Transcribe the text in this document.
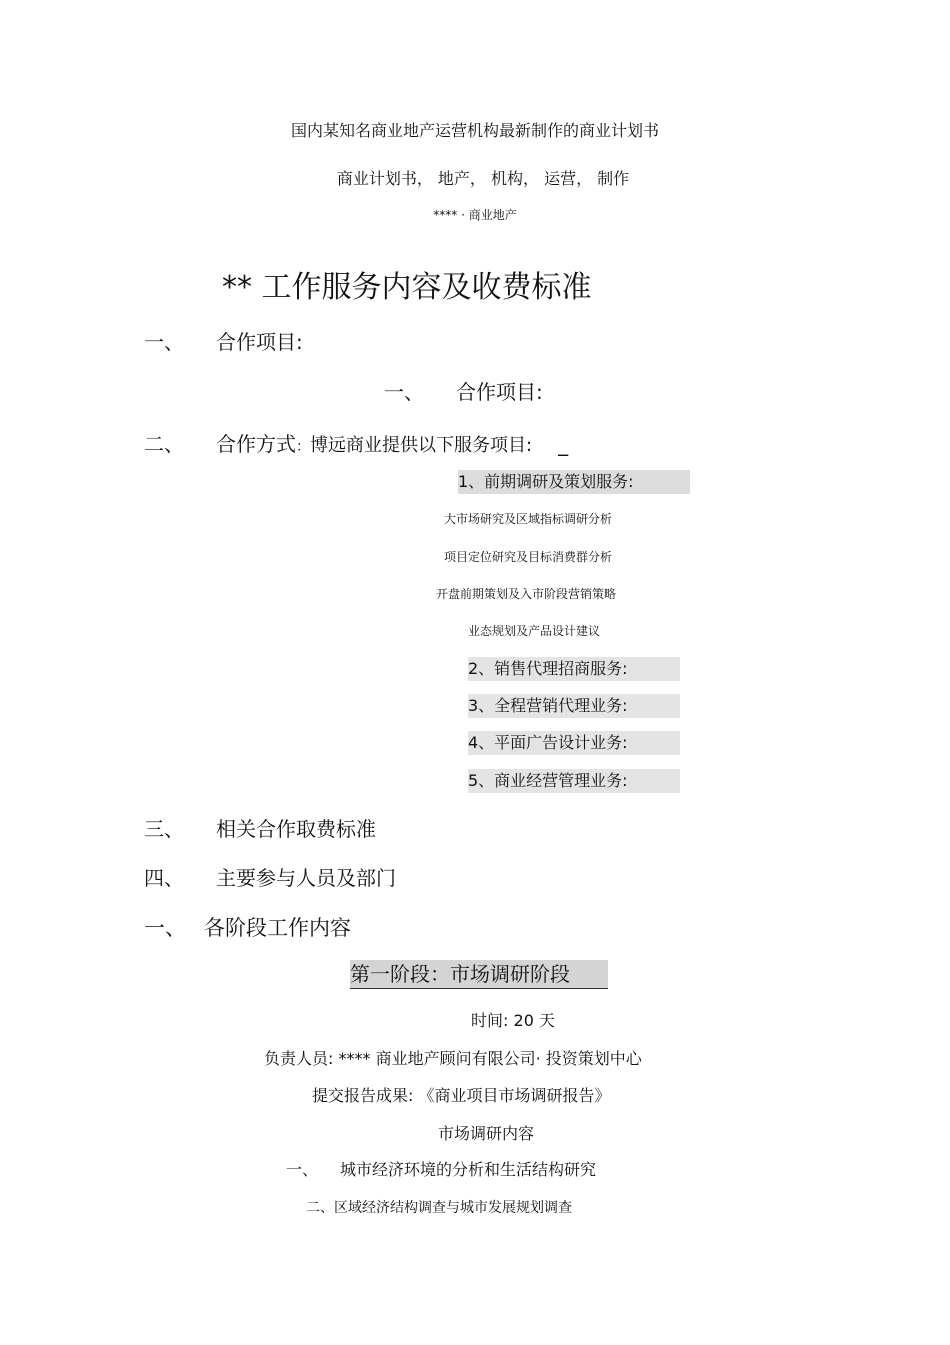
国内某知名商业地产运营机构最新制作的商业计划书
商业计划书， 地产， 机构， 运营， 制作
**** · 商业地产
** 工作服务内容及收费标准
一、 合作项目:
一、 合作项目:
二、 合作方式：博远商业提供以下服务项目: _
1、前期调研及策划服务:
大市场研究及区域指标调研分析
项目定位研究及目标消费群分析
开盘前期策划及入市阶段营销策略
业态规划及产品设计建议
2、销售代理招商服务:
3、全程营销代理业务:
4、平面广告设计业务:
5、商业经营管理业务:
三、 相关合作取费标准
四、 主要参与人员及部门
一、 各阶段工作内容
第一阶段：市场调研阶段
时间: 20 天
负责人员: **** 商业地产顾问有限公司· 投资策划中心
提交报告成果: 《商业项目市场调研报告》
市场调研内容
一、 城市经济环境的分析和生活结构研究
二、区域经济结构调查与城市发展规划调查
